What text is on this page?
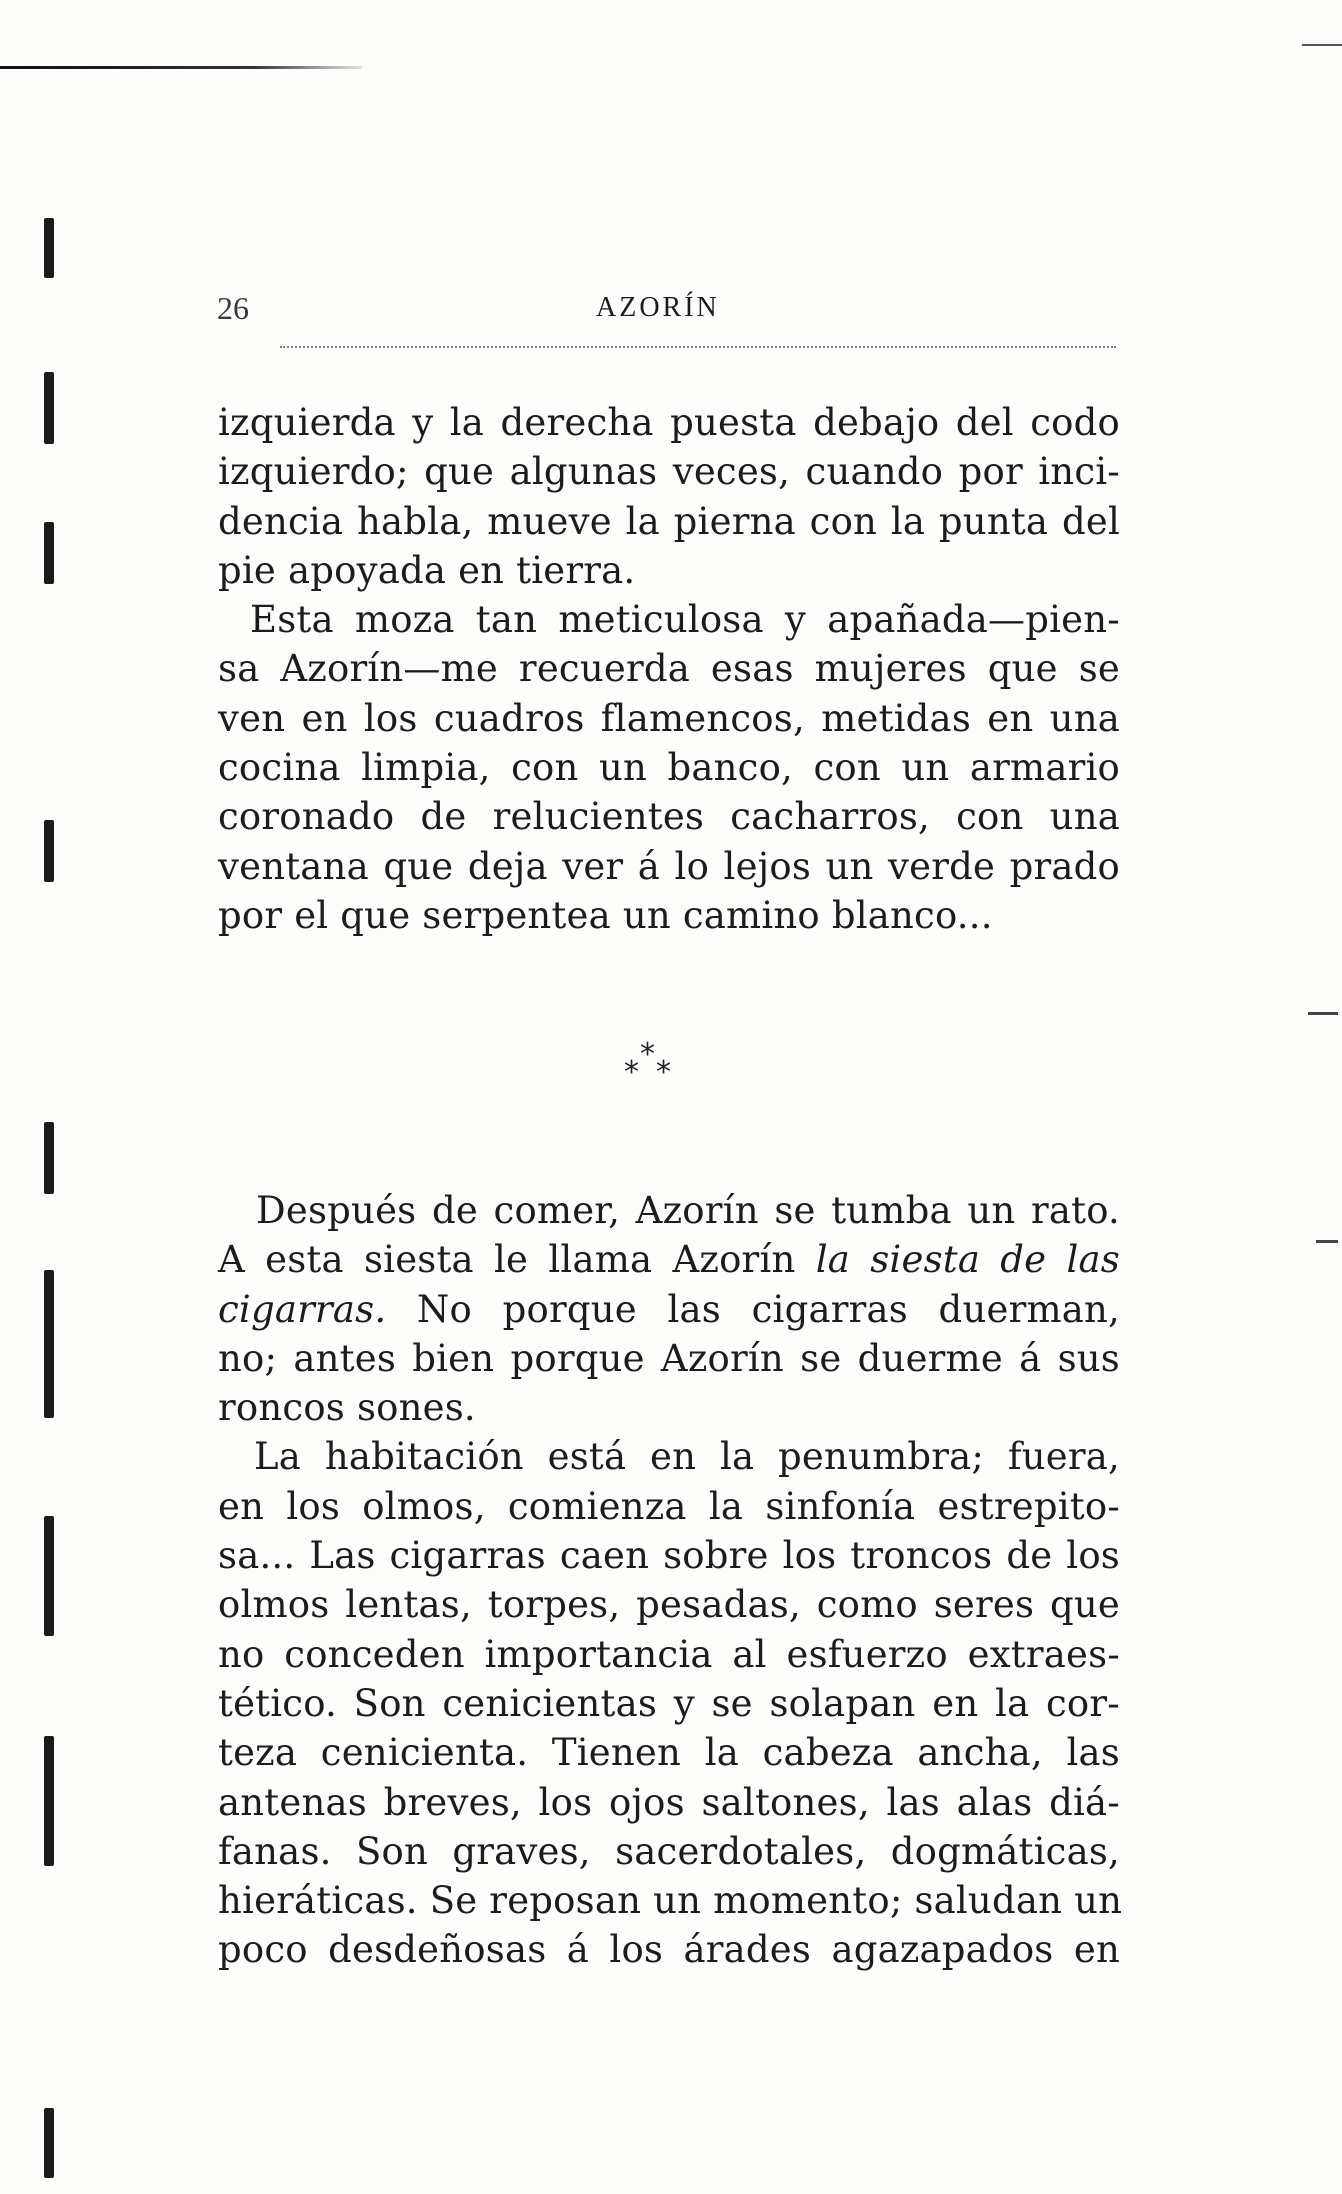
26	AZORÍN

izquierda y la derecha puesta debajo del codo
izquierdo; que algunas veces, cuando por inci-
dencia habla, mueve la pierna con la punta del
pie apoyada en tierra.

Esta moza tan meticulosa y apañada—pien-
sa Azorín—me recuerda esas mujeres que se
ven en los cuadros flamencos, metidas en una
cocina limpia, con un banco, con un armario
coronado de relucientes cacharros, con una
ventana que deja ver á lo lejos un verde prado
por el que serpentea un camino blanco...

*
* *

Después de comer, Azorín se tumba un rato.
A esta siesta le llama Azorín la siesta de las
cigarras. No porque las cigarras duerman,
no; antes bien porque Azorín se duerme á sus
roncos sones.

La habitación está en la penumbra; fuera,
en los olmos, comienza la sinfonía estrepito-
sa... Las cigarras caen sobre los troncos de los
olmos lentas, torpes, pesadas, como seres que
no conceden importancia al esfuerzo extraes-
tético. Son cenicientas y se solapan en la cor-
teza cenicienta. Tienen la cabeza ancha, las
antenas breves, los ojos saltones, las alas diá-
fanas. Son graves, sacerdotales, dogmáticas,
hieráticas. Se reposan un momento; saludan un
poco desdeñosas á los árades agazapados en
